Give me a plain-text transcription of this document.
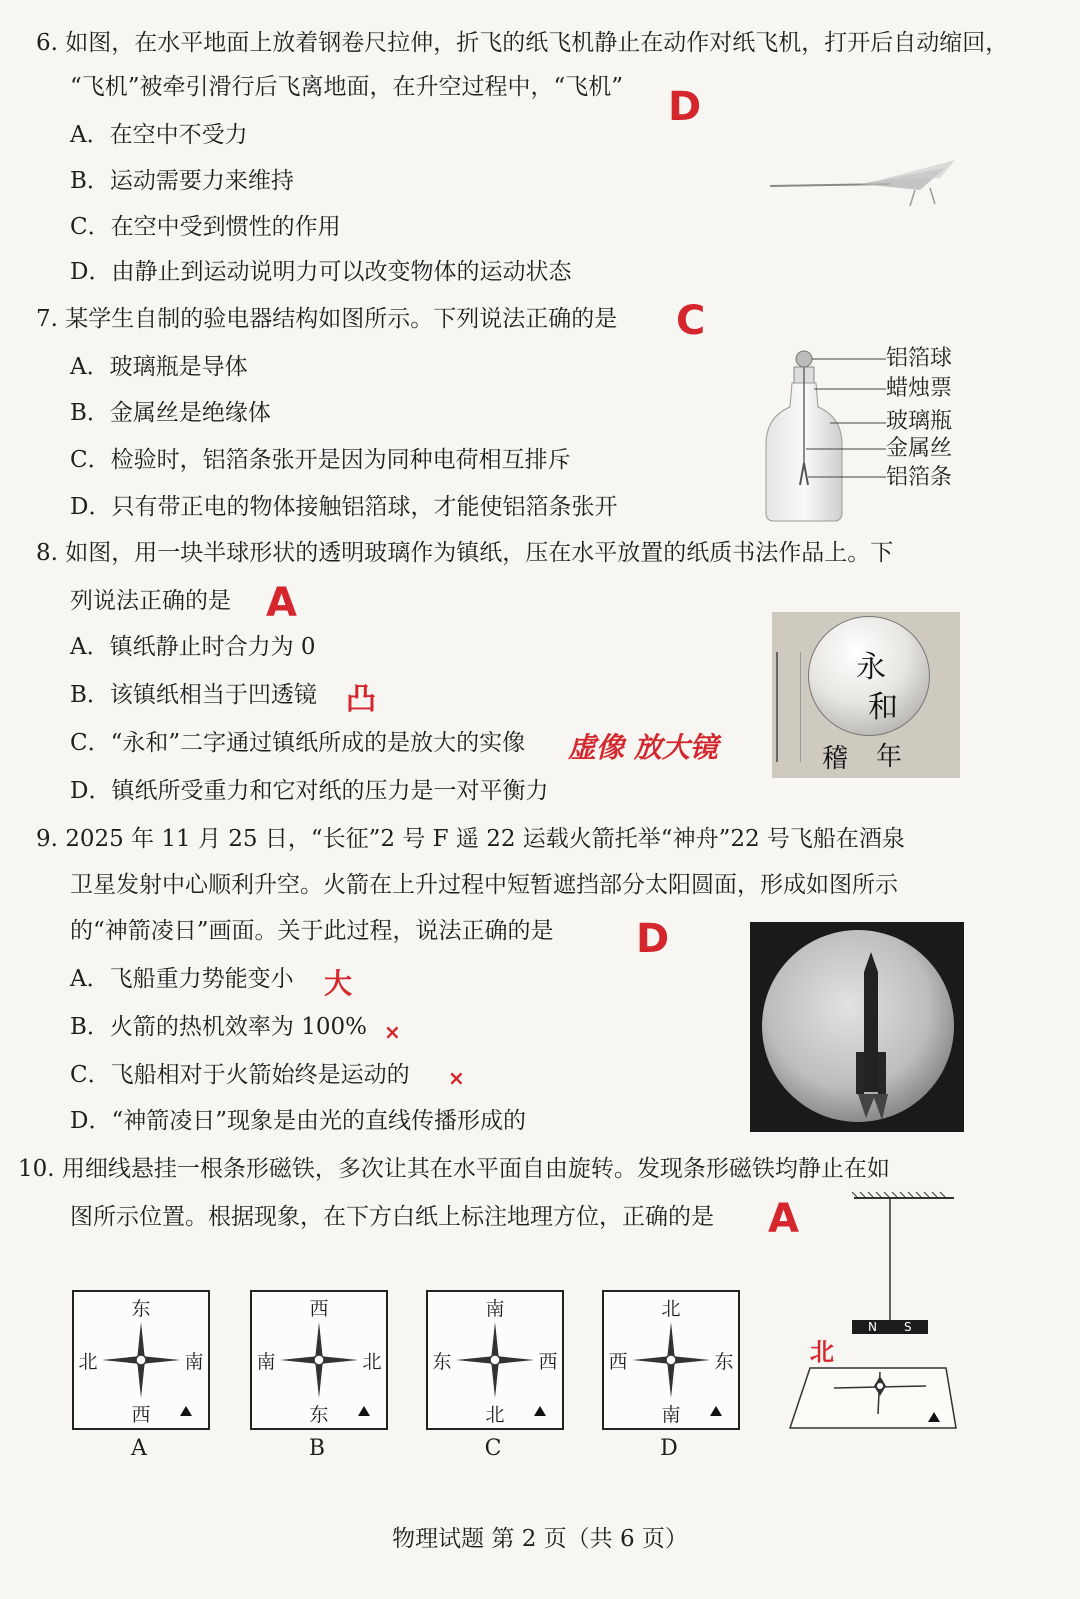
6. 如图，在水平地面上放着钢卷尺拉伸，折飞的纸飞机静止在动作对纸飞机，打开后自动缩回，
“飞机”被牵引滑行后飞离地面，在升空过程中，“飞机” D
A．在空中不受力
B．运动需要力来维持
C．在空中受到惯性的作用
D．由静止到运动说明力可以改变物体的运动状态
7. 某学生自制的验电器结构如图所示。下列说法正确的是 C
A．玻璃瓶是导体
B．金属丝是绝缘体
C．检验时，铝箔条张开是因为同种电荷相互排斥
D．只有带正电的物体接触铝箔球，才能使铝箔条张开
铝箔球
蜡烛票
玻璃瓶
金属丝
铝箔条
8. 如图，用一块半球形状的透明玻璃作为镇纸，压在水平放置的纸质书法作品上。下
列说法正确的是 A
A．镇纸静止时合力为 0
B．该镇纸相当于凹透镜 凸
C．“永和”二字通过镇纸所成的是放大的实像 虚像 放大镜
D．镇纸所受重力和它对纸的压力是一对平衡力
永
和
稽 年
9. 2025 年 11 月 25 日，“长征”2 号 F 遥 22 运载火箭托举“神舟”22 号飞船在酒泉
卫星发射中心顺利升空。火箭在上升过程中短暂遮挡部分太阳圆面，形成如图所示
的“神箭凌日”画面。关于此过程，说法正确的是 D
A．飞船重力势能变小 大
B．火箭的热机效率为 100% ×
C．飞船相对于火箭始终是运动的 ×
D．“神箭凌日”现象是由光的直线传播形成的
10. 用细线悬挂一根条形磁铁，多次让其在水平面自由旋转。发现条形磁铁均静止在如
图所示位置。根据现象，在下方白纸上标注地理方位，正确的是 A
N S
北
东
西
北	南
A
西
东
南	北
B
南
北
东	西
C
北
南
西	东
D
物理试题 第 2 页（共 6 页）
